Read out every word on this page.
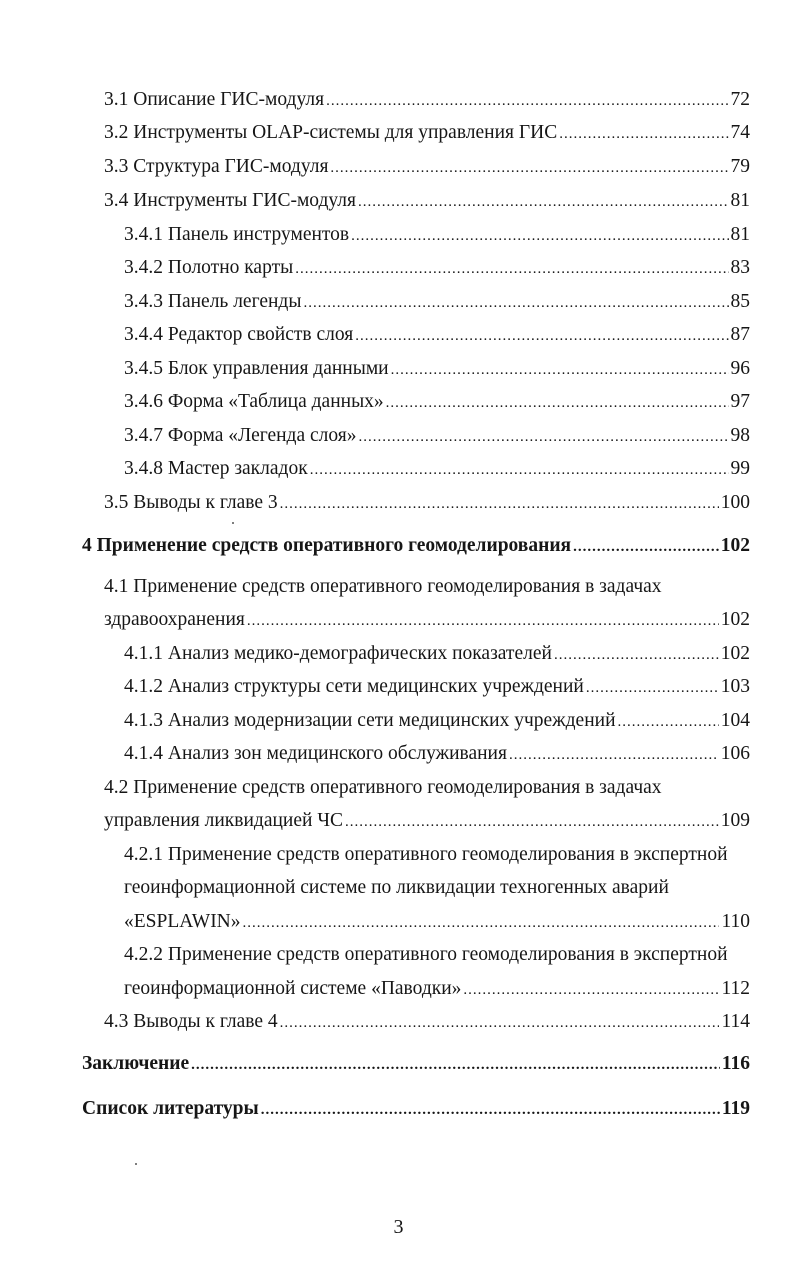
3.1 Описание ГИС-модуля .....	72
3.2 Инструменты OLAP-системы для управления ГИС .....	74
3.3 Структура ГИС-модуля .....	79
3.4 Инструменты ГИС-модуля .....	81
3.4.1 Панель инструментов .....	81
3.4.2 Полотно карты .....	83
3.4.3 Панель легенды .....	85
3.4.4 Редактор свойств слоя .....	87
3.4.5 Блок управления данными .....	96
3.4.6 Форма «Таблица данных» .....	97
3.4.7 Форма «Легенда слоя» .....	98
3.4.8 Мастер закладок .....	99
3.5 Выводы к главе 3 .....	100
4 Применение средств оперативного геомоделирования .....	102
4.1 Применение средств оперативного геомоделирования в задачах
здравоохранения .....	102
4.1.1 Анализ медико-демографических показателей .....	102
4.1.2 Анализ структуры сети медицинских учреждений .....	103
4.1.3 Анализ модернизации сети медицинских учреждений .....	104
4.1.4 Анализ зон медицинского обслуживания .....	106
4.2 Применение средств оперативного геомоделирования в задачах
управления ликвидацией ЧС .....	109
4.2.1 Применение средств оперативного геомоделирования в экспертной
геоинформационной системе по ликвидации техногенных аварий
«ESPLAWIN» .....	110
4.2.2 Применение средств оперативного геомоделирования в экспертной
геоинформационной системе «Паводки» .....	112
4.3 Выводы к главе 4 .....	114
Заключение .....	116
Список литературы .....	119
3
